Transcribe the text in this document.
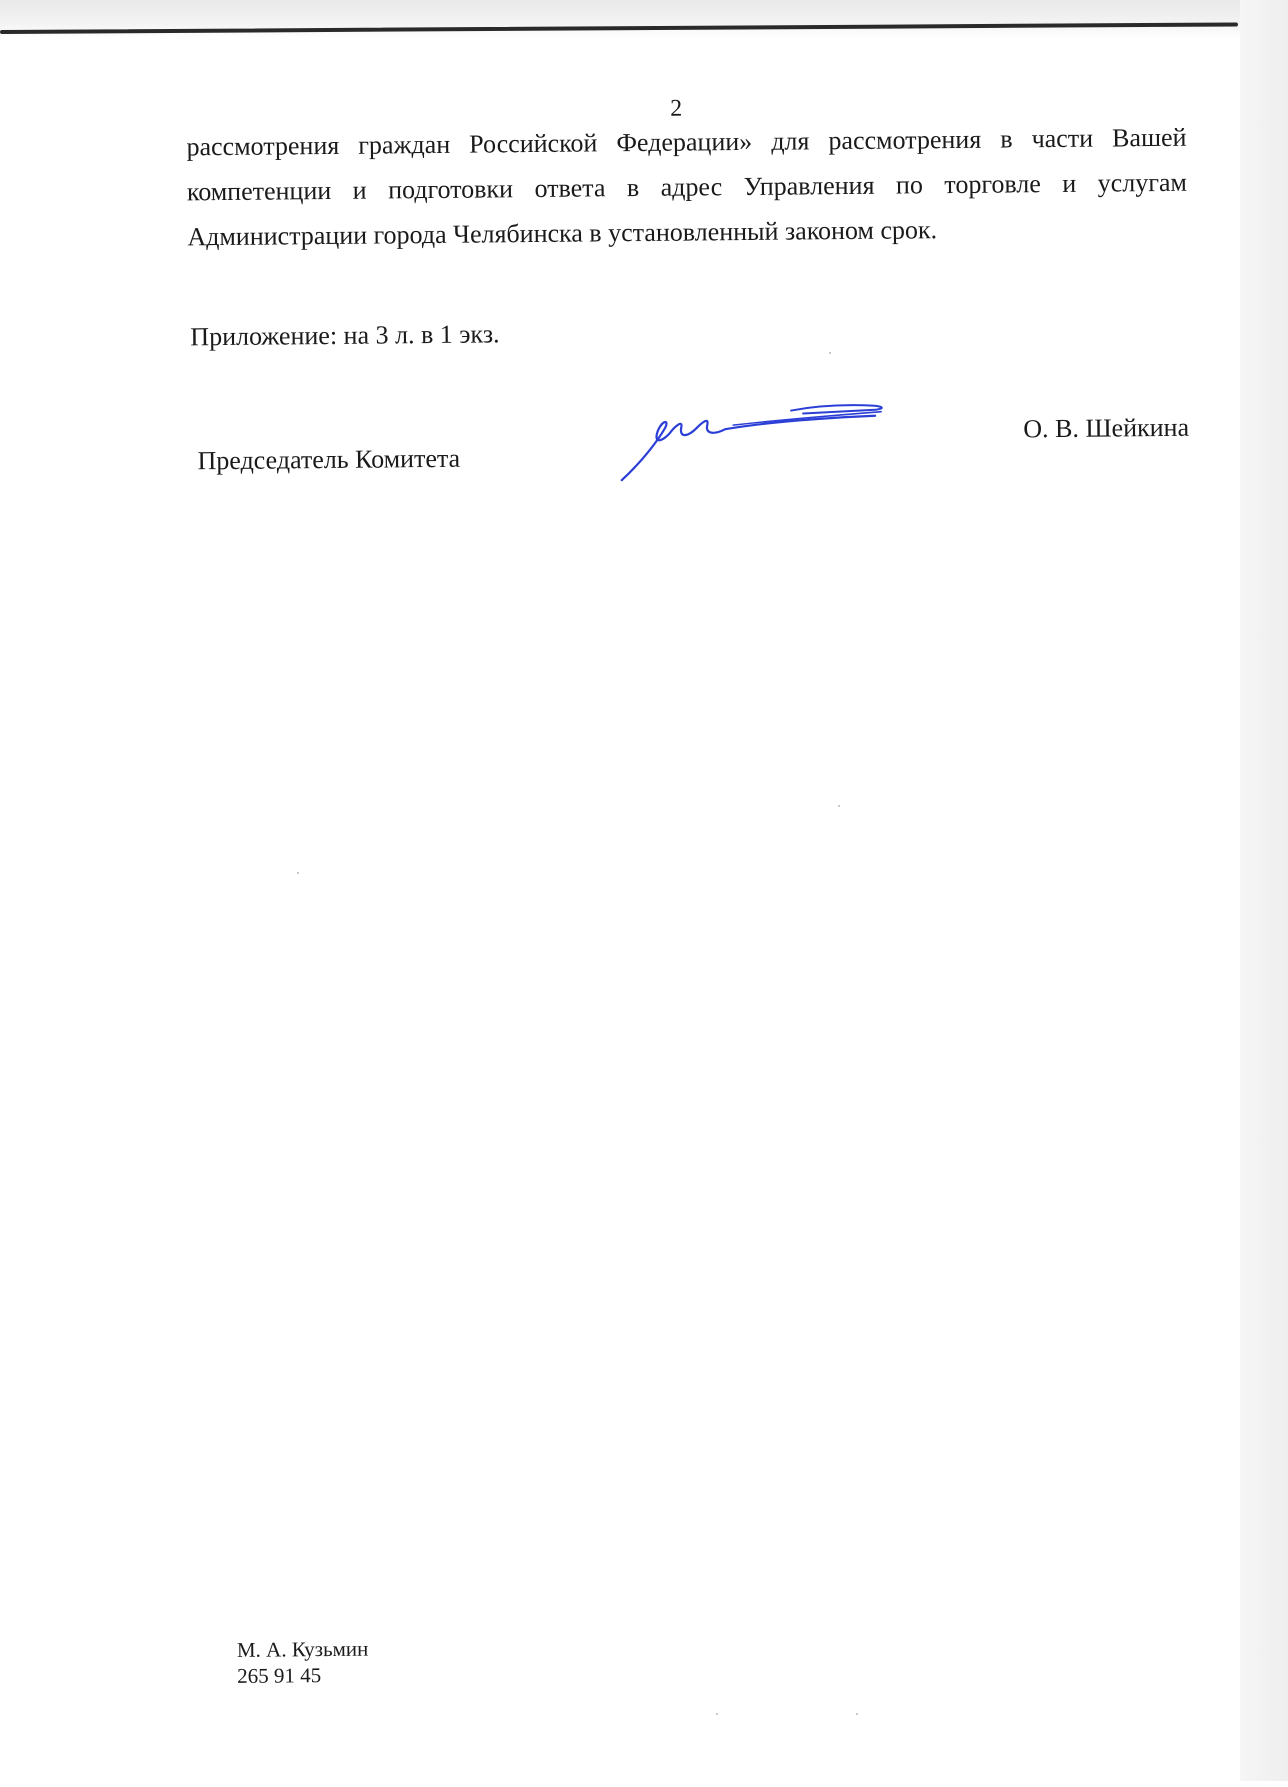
2
рассмотрения граждан Российской Федерации» для рассмотрения в части Вашей
компетенции и подготовки ответа в адрес Управления по торговле и услугам
Администрации города Челябинска в установленный законом срок.
Приложение: на 3 л. в 1 экз.
Председатель Комитета
О. В. Шейкина
М. А. Кузьмин
265 91 45
